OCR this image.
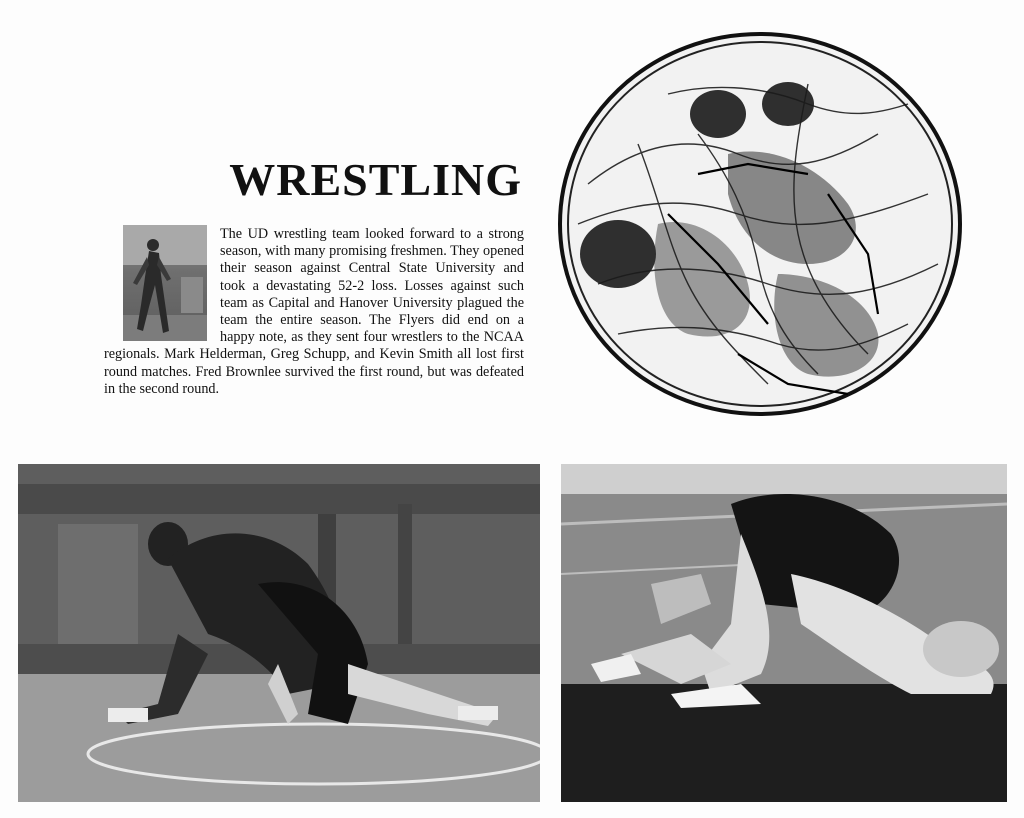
WRESTLING

The UD wrestling team looked forward to a strong season, with many promising freshmen. They opened their season against Central State University and took a devastating 52-2 loss. Losses against such team as Capital and Hanover University plagued the team the entire season. The Flyers did end on a happy note, as they sent four wrestlers to the NCAA regionals. Mark Helderman, Greg Schupp, and Kevin Smith all lost first round matches. Fred Brownlee survived the first round, but was defeated in the second round.
